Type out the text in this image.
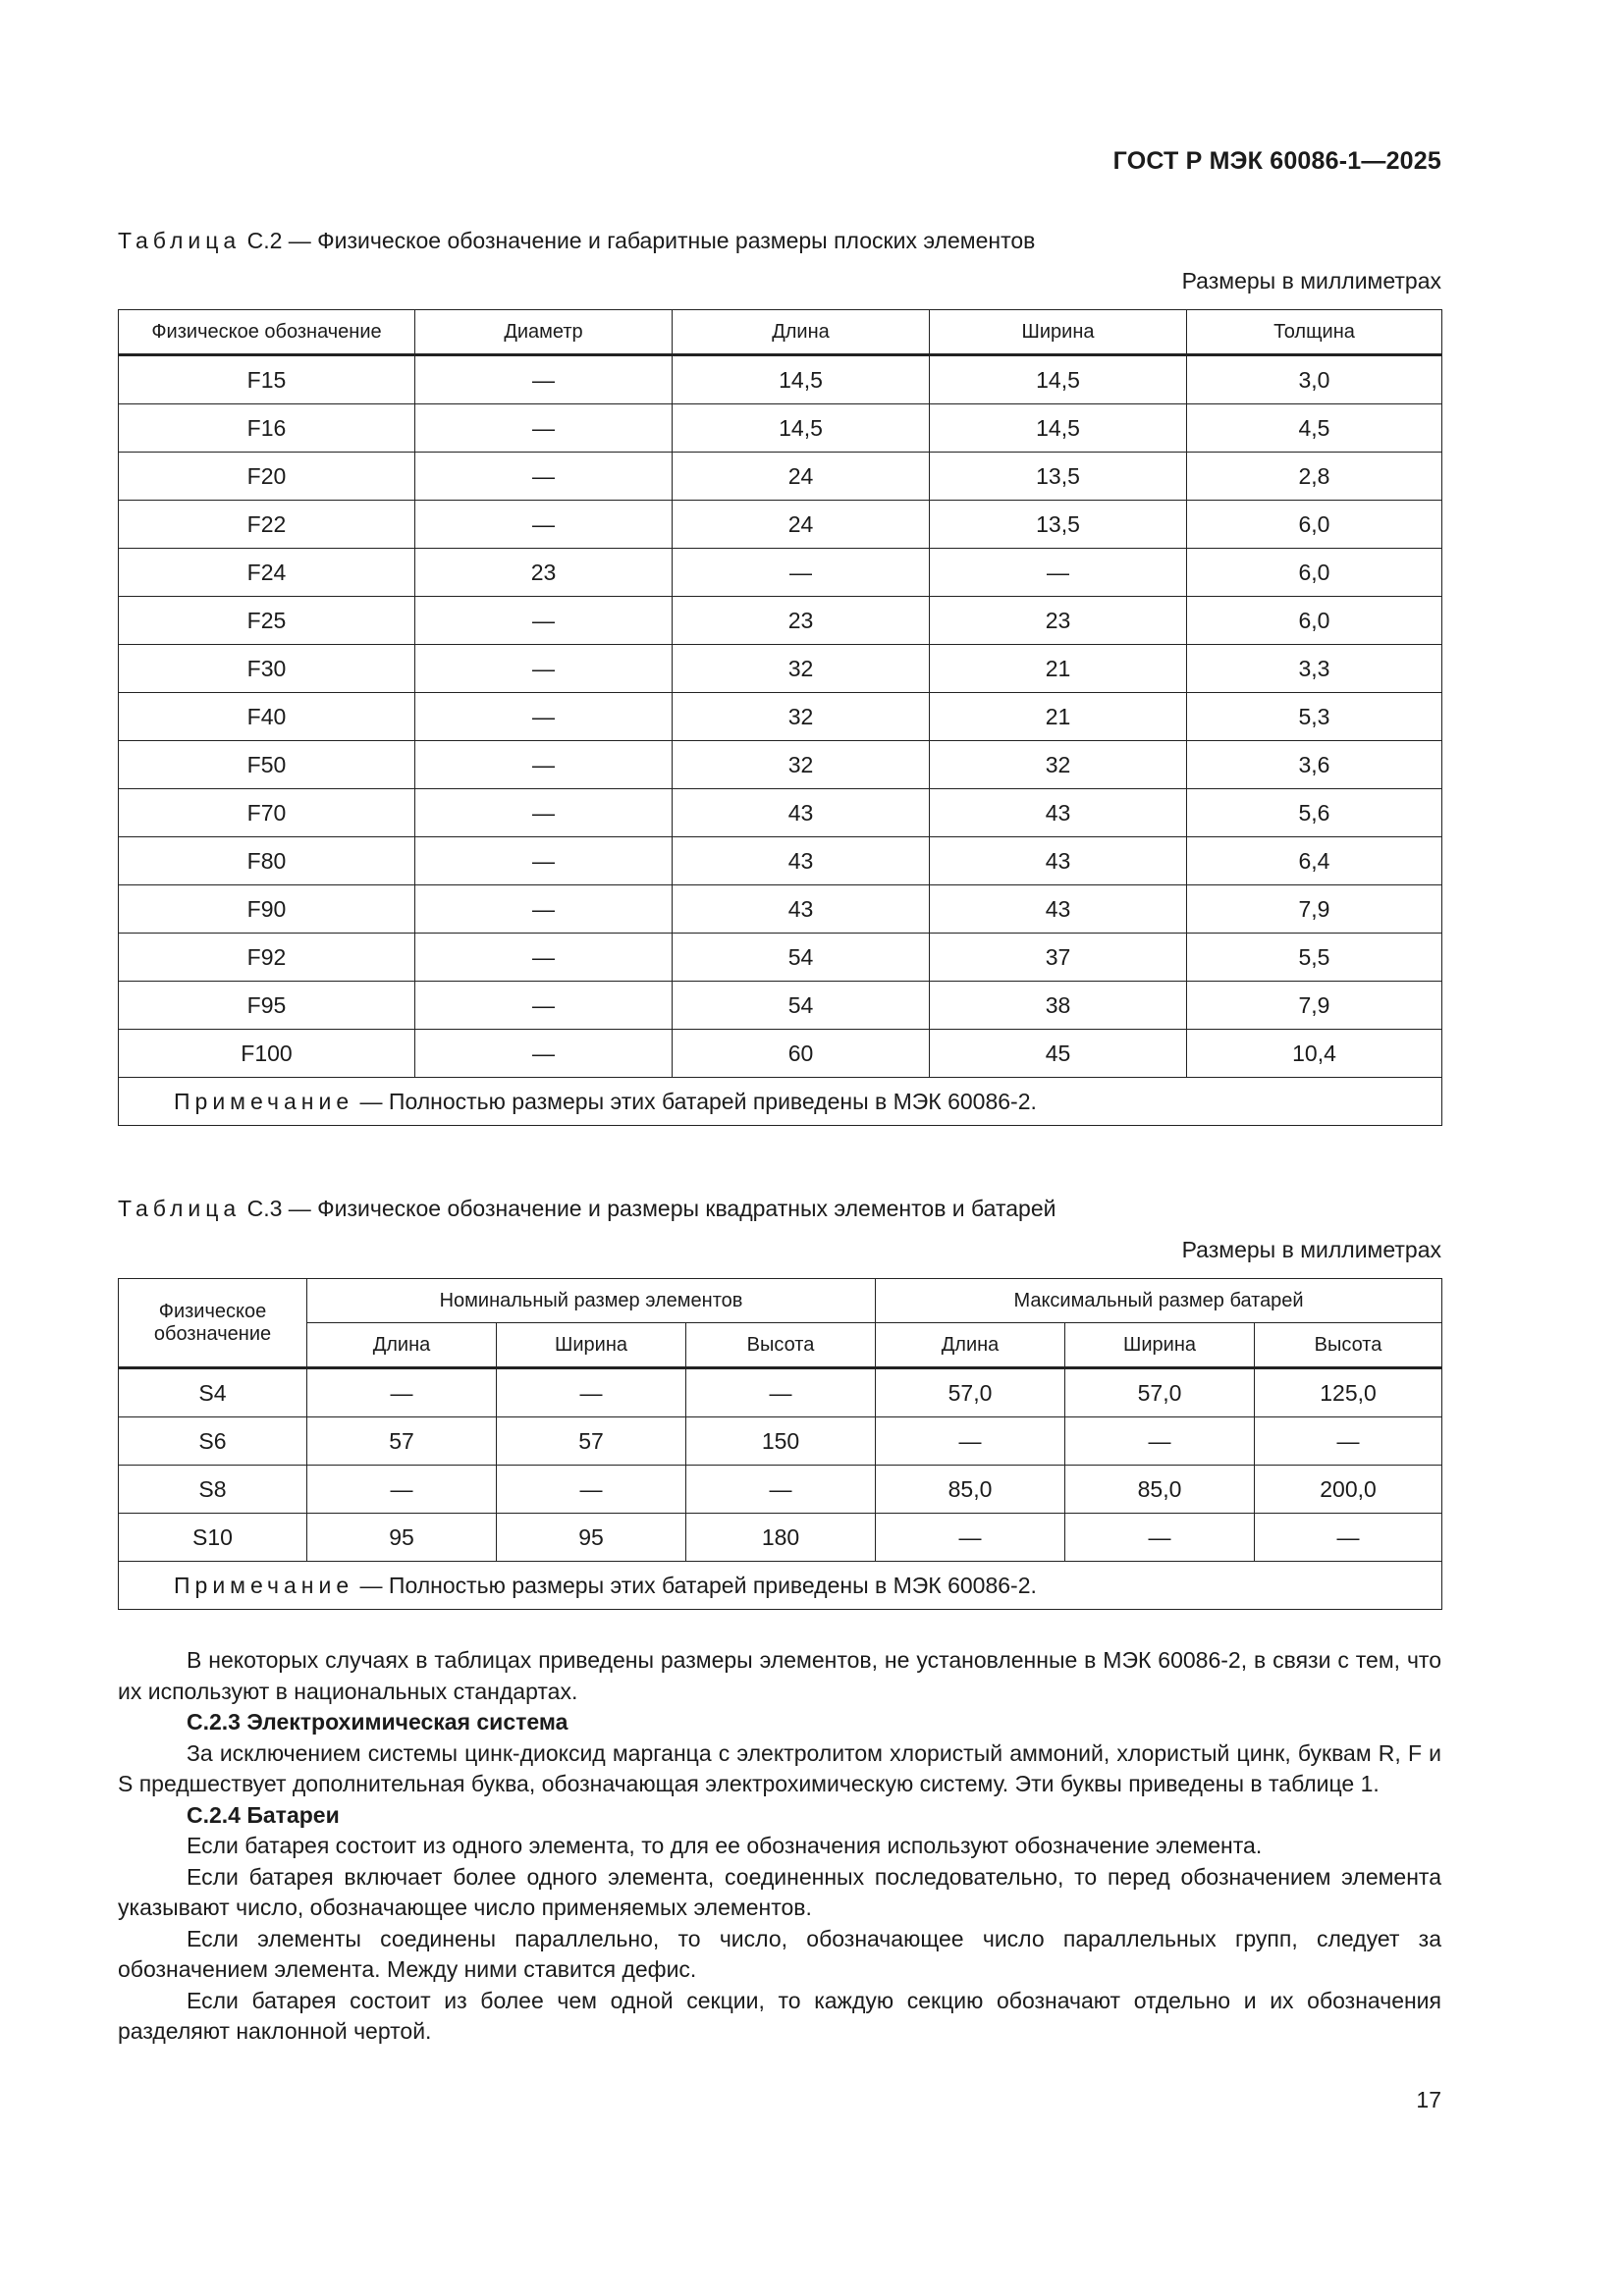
ГОСТ Р МЭК 60086-1—2025
Таблица С.2 — Физическое обозначение и габаритные размеры плоских элементов
Размеры в миллиметрах
Физическое обозначение	Диаметр	Длина	Ширина	Толщина
F15	—	14,5	14,5	3,0
F16	—	14,5	14,5	4,5
F20	—	24	13,5	2,8
F22	—	24	13,5	6,0
F24	23	—	—	6,0
F25	—	23	23	6,0
F30	—	32	21	3,3
F40	—	32	21	5,3
F50	—	32	32	3,6
F70	—	43	43	5,6
F80	—	43	43	6,4
F90	—	43	43	7,9
F92	—	54	37	5,5
F95	—	54	38	7,9
F100	—	60	45	10,4
Примечание — Полностью размеры этих батарей приведены в МЭК 60086-2.				
Таблица С.3 — Физическое обозначение и размеры квадратных элементов и батарей
Размеры в миллиметрах
Физическое обозначение	Номинальный размер элементов			Максимальный размер батарей		
	Длина	Ширина	Высота	Длина	Ширина	Высота
S4	—	—	—	57,0	57,0	125,0
S6	57	57	150	—	—	—
S8	—	—	—	85,0	85,0	200,0
S10	95	95	180	—	—	—
Примечание — Полностью размеры этих батарей приведены в МЭК 60086-2.						

В некоторых случаях в таблицах приведены размеры элементов, не установленные в МЭК 60086-2, в связи с тем, что их используют в национальных стандартах.

С.2.3 Электрохимическая система

За исключением системы цинк-диоксид марганца с электролитом хлористый аммоний, хлористый цинк, буквам R, F и S предшествует дополнительная буква, обозначающая электрохимическую систему. Эти буквы приведены в таблице 1.

С.2.4 Батареи

Если батарея состоит из одного элемента, то для ее обозначения используют обозначение элемента.

Если батарея включает более одного элемента, соединенных последовательно, то перед обозначением элемента указывают число, обозначающее число применяемых элементов.

Если элементы соединены параллельно, то число, обозначающее число параллельных групп, следует за обозначением элемента. Между ними ставится дефис.

Если батарея состоит из более чем одной секции, то каждую секцию обозначают отдельно и их обозначения разделяют наклонной чертой.

17
